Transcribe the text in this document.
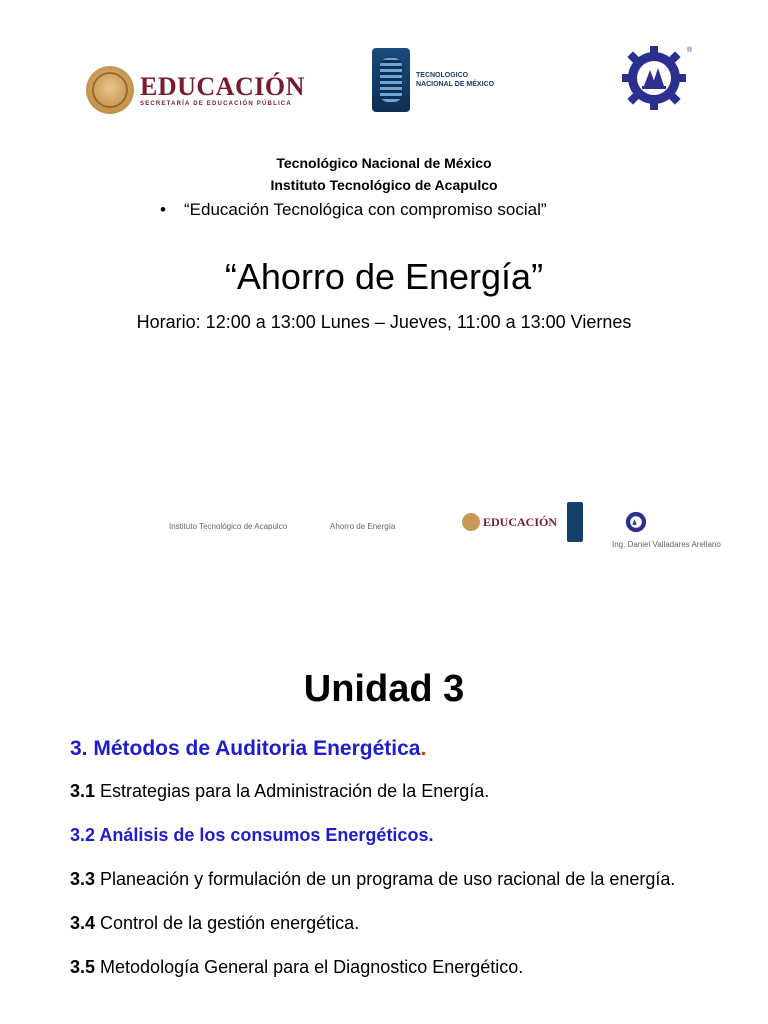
EDUCACIÓN
SECRETARÍA DE EDUCACIÓN PÚBLICA
TECNOLOGICO
NACIONAL DE MÉXICO
®
Tecnológico Nacional de México
Instituto Tecnológico de Acapulco
• “Educación Tecnológica con compromiso social”
“Ahorro de Energía”
Horario: 12:00 a 13:00 Lunes – Jueves, 11:00 a 13:00 Viernes
Instituto Tecnológico de Acapulco	Ahorro de Energía	EDUCACIÓN
Ing. Daniel Valladares Arellano
Unidad 3
3. Métodos de Auditoria Energética.
3.1 Estrategias para la Administración de la Energía.
3.2 Análisis de los consumos Energéticos.
3.3 Planeación y formulación de un programa de uso racional de la energía.
3.4 Control de la gestión energética.
3.5 Metodología General para el Diagnostico Energético.
